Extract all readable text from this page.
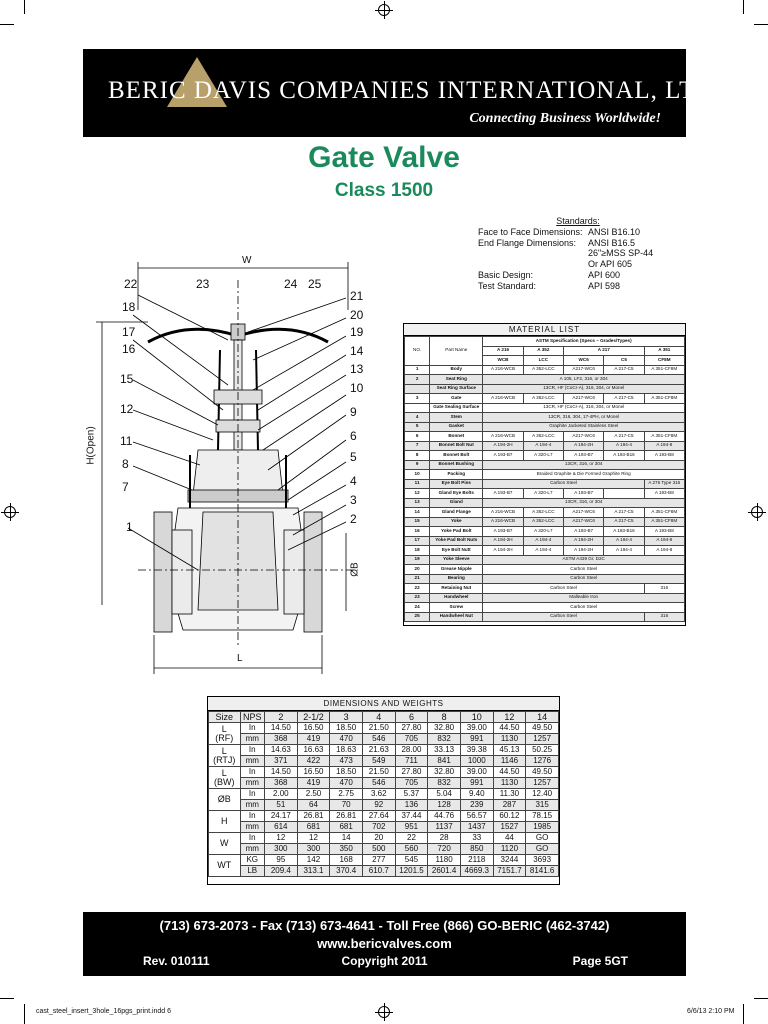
BERIC DAVIS COMPANIES INTERNATIONAL, LTD.
Connecting Business Worldwide!
Gate Valve
Class 1500
Standards:
Face to Face Dimensions: ANSI B16.10
End Flange Dimensions:	ANSI B16.5
26"≥MSS SP-44
Or API 605
Basic Design:	API 600
Test Standard:	API 598
W
H(Open)
L
ØB
22	23	24 25
18
17
16
15
12
11
8
7
1
21
20
19
14
13
10
9
6
5
4
3
2
MATERIAL LIST
NO.	Part Name	ASTM Specification (Specs – Grades/Types)				
		A 216	A 352	A 217		A 351
		WCB	LCC	WC6	C5	CF8M
1	Body	A 216-WCB	A 352-LCC	A217-WC6	A 217-C5	A 351-CF8M
2	Seat Ring	A 105, LF2, 316, or 304				
	Seat Ring Surface	13CR, HF (CoCr-A), 316, 304, or Monel				
3	Gate	A 216-WCB	A 352-LCC	A217-WC6	A 217-C5	A 351-CF8M
	Gate Sealing Surface	13CR, HF (CoCr-A), 316, 304, or Monel				
4	Stem	13CR, 316, 304, 17-4PH, or Monel				
5	Gasket	Graphite Jacketed Stainless Steel				
6	Bonnet	A 216-WCB	A 352-LCC	A217-WC6	A 217-C5	A 351-CF8M
7	Bonnet Bolt Nut	A 194-2H	A 194-4	A 194-2H	A 194-4	A 194-8
8	Bonnet Bolt	A 193-B7	A 320-L7	A 193-B7	A 193-B16	A 193-B8
9	Bonnet Bushing	13CR, 316, or 304				
10	Packing	Braided Graphite & Die Formed Graphite Ring				
11	Eye Bolt Pins	Carbon Steel				A 276 Type 316
12	Gland Eye Bolts	A 193-B7	A 320-L7	A 193-B7		A 193-B8
13	Gland	13CR, 316, or 304				
14	Gland Flange	A 216-WCB	A 352-LCC	A217-WC6	A 217-C5	A 351-CF8M
15	Yoke	A 216-WCB	A 352-LCC	A217-WC6	A 217-C5	A 351-CF8M
16	Yoke Pad Bolt	A 193-B7	A 320-L7	A 193-B7	A 193-B16	A 193-B8
17	Yoke Pad Bolt Nuts	A 194-2H	A 194-4	A 194-2H	A 194-4	A 194-8
18	Eye Bolt Nutt	A 194-2H	A 194-4	A 194-2H	A 194-4	A 194-8
19	Yoke Sleeve	ASTM A439 Gr. D2C				
20	Grease Nipple	Carbon Steel				
21	Bearing	Carbon Steel				
22	Retaining Nut	Carbon Steel				316
23	Handwheel	Malleable Iron				
24	Screw	Carbon Steel				
25	Handwheel Nut	Carbon Steel				316
DIMENSIONS AND WEIGHTS
Size	NPS	2	2-1/2	3	4	6	8	10	12	14
L
(RF)	In	14.50	16.50	18.50	21.50	27.80	32.80	39.00	44.50	49.50
	mm	368	419	470	546	705	832	991	1130	1257
L
(RTJ)	In	14.63	16.63	18.63	21.63	28.00	33.13	39.38	45.13	50.25
	mm	371	422	473	549	711	841	1000	1146	1276
L
(BW)	In	14.50	16.50	18.50	21.50	27.80	32.80	39.00	44.50	49.50
	mm	368	419	470	546	705	832	991	1130	1257
ØB	In	2.00	2.50	2.75	3.62	5.37	5.04	9.40	11.30	12.40
	mm	51	64	70	92	136	128	239	287	315
H	In	24.17	26.81	26.81	27.64	37.44	44.76	56.57	60.12	78.15
	mm	614	681	681	702	951	1137	1437	1527	1985
W	In	12	12	14	20	22	28	33	44	GO
	mm	300	300	350	500	560	720	850	1120	GO
WT	KG	95	142	168	277	545	1180	2118	3244	3693
	LB	209.4	313.1	370.4	610.7	1201.5	2601.4	4669.3	7151.7	8141.6
(713) 673-2073 - Fax (713) 673-4641 - Toll Free (866) GO-BERIC (462-3742)
www.bericvalves.com
Rev. 010111	Copyright 2011	Page 5GT
cast_steel_insert_3hole_16pgs_print.indd 6	6/6/13 2:10 PM
